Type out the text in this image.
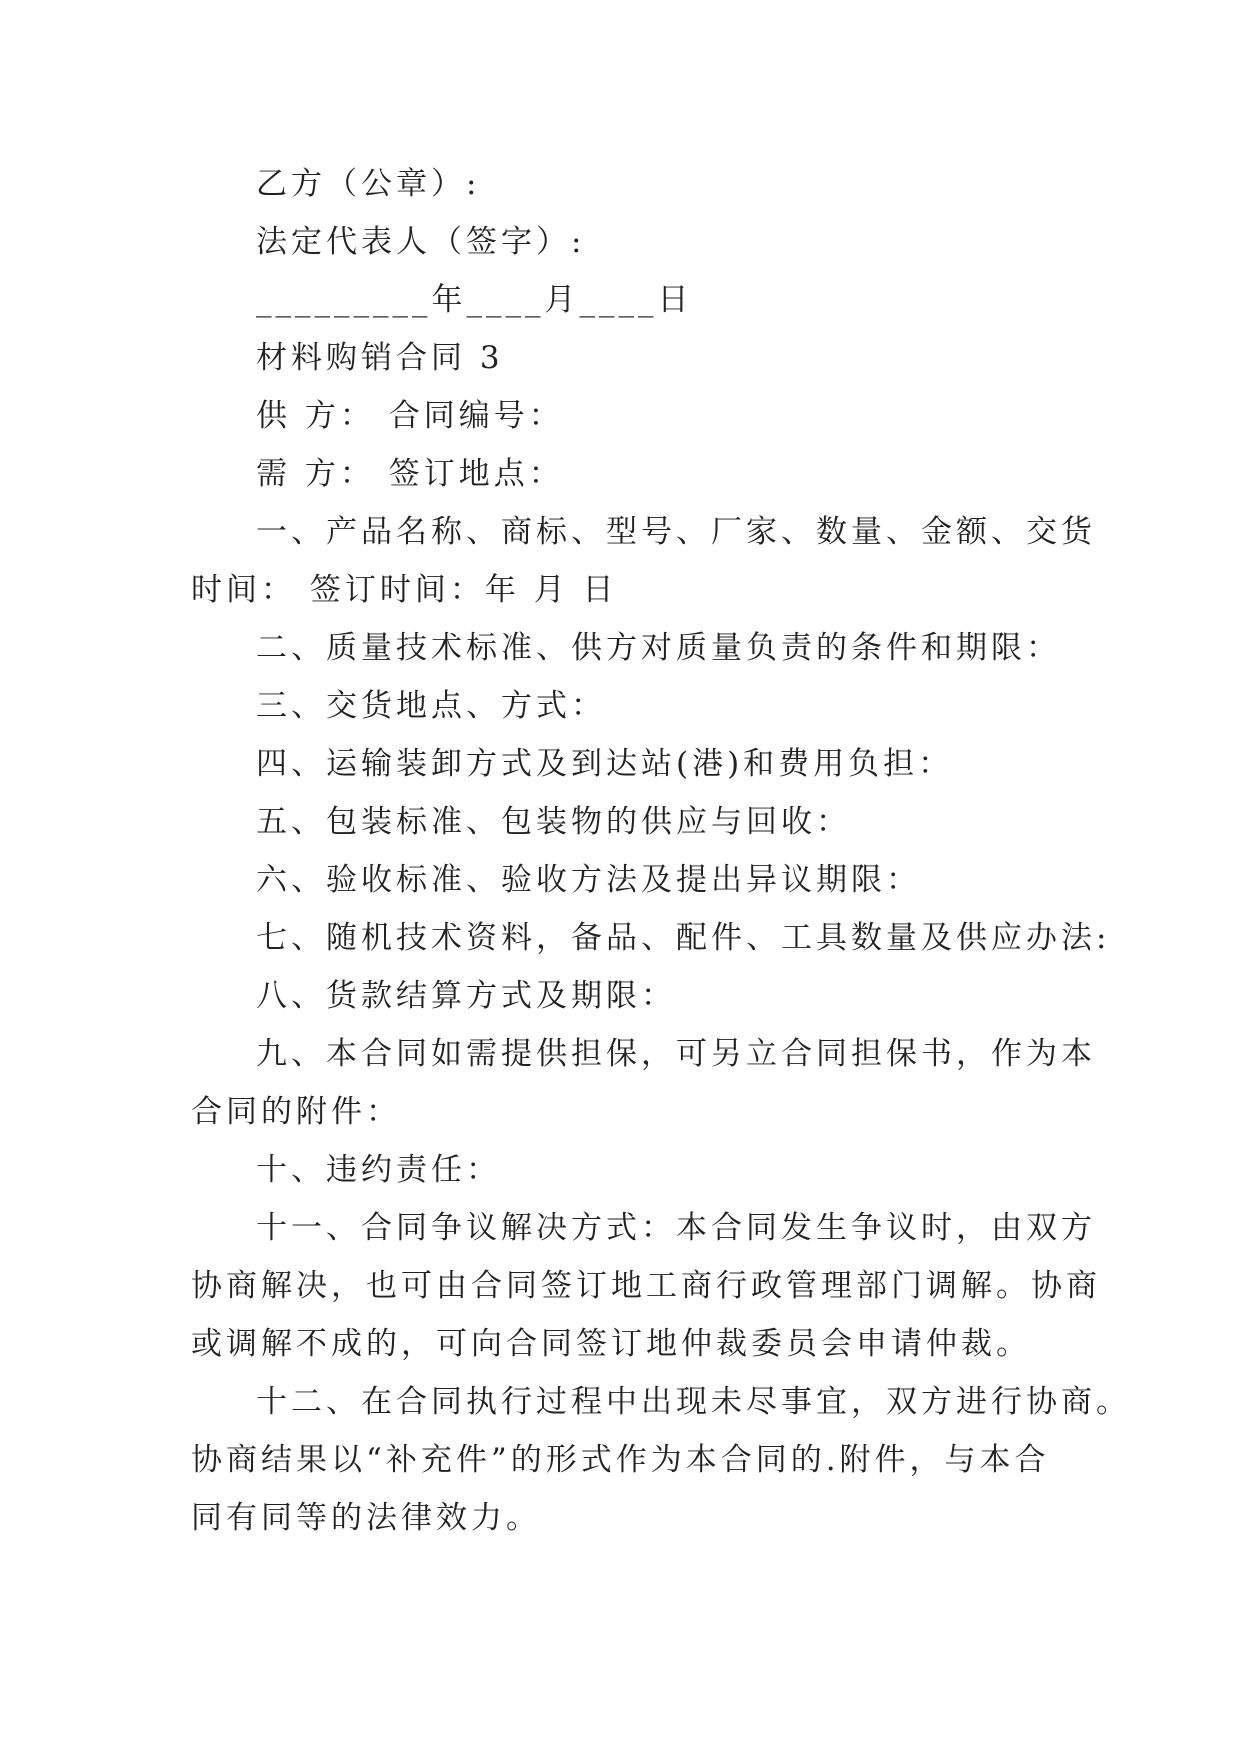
乙方（公章）:
法定代表人（签字）:
_________年____月____日
材料购销合同 3
供 方： 合同编号：
需 方： 签订地点：
一、产品名称、商标、型号、厂家、数量、金额、交货
时间： 签订时间：年 月 日
二、质量技术标准、供方对质量负责的条件和期限：
三、交货地点、方式：
四、运输装卸方式及到达站(港)和费用负担：
五、包装标准、包装物的供应与回收：
六、验收标准、验收方法及提出异议期限：
七、随机技术资料，备品、配件、工具数量及供应办法:
八、货款结算方式及期限：
九、本合同如需提供担保，可另立合同担保书，作为本
合同的附件：
十、违约责任：
十一、合同争议解决方式：本合同发生争议时，由双方
协商解决，也可由合同签订地工商行政管理部门调解。协商
或调解不成的，可向合同签订地仲裁委员会申请仲裁。
十二、在合同执行过程中出现未尽事宜，双方进行协商。
协商结果以“补充件”的形式作为本合同的.附件，与本合
同有同等的法律效力。
